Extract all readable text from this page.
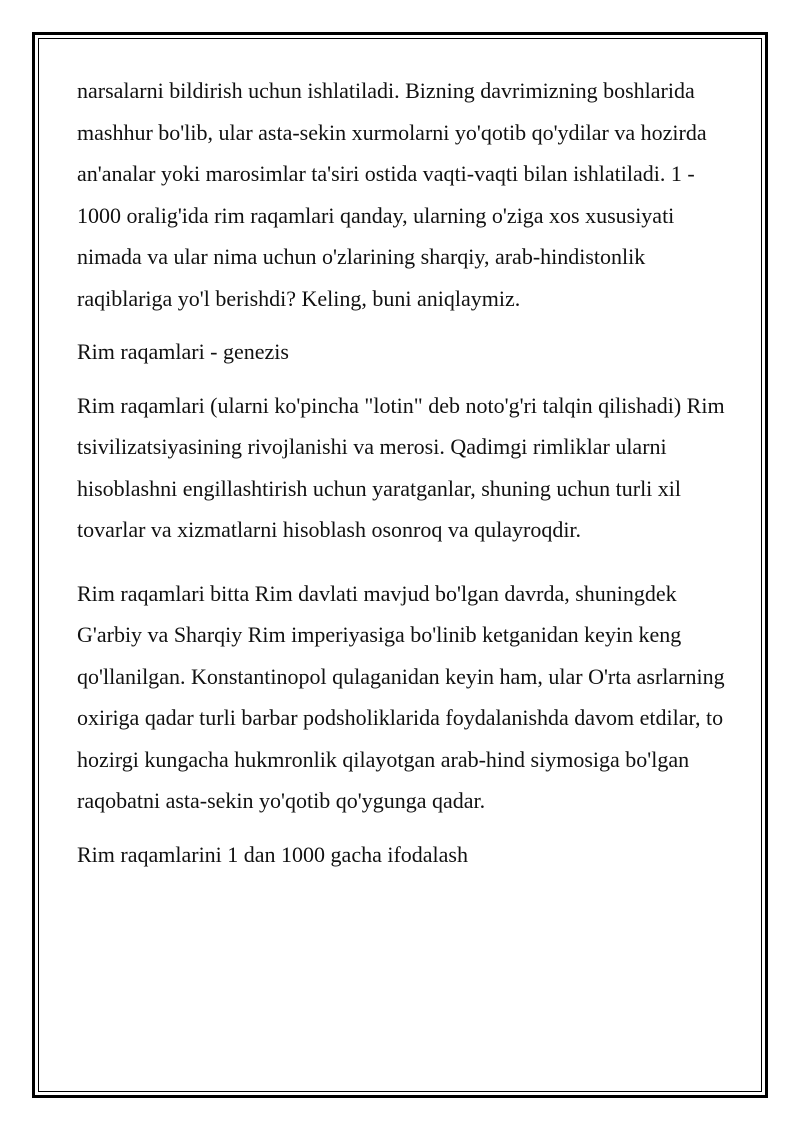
narsalarni bildirish uchun ishlatiladi. Bizning davrimizning boshlarida mashhur bo'lib, ular asta-sekin xurmolarni yo'qotib qo'ydilar va hozirda an'analar yoki marosimlar ta'siri ostida vaqti-vaqti bilan ishlatiladi. 1 - 1000 oralig'ida rim raqamlari qanday, ularning o'ziga xos xususiyati nimada va ular nima uchun o'zlarining sharqiy, arab-hindistonlik raqiblariga yo'l berishdi? Keling, buni aniqlaymiz.

Rim raqamlari - genezis

Rim raqamlari (ularni ko'pincha "lotin" deb noto'g'ri talqin qilishadi) Rim tsivilizatsiyasining rivojlanishi va merosi. Qadimgi rimliklar ularni hisoblashni engillashtirish uchun yaratganlar, shuning uchun turli xil tovarlar va xizmatlarni hisoblash osonroq va qulayroqdir.

Rim raqamlari bitta Rim davlati mavjud bo'lgan davrda, shuningdek G'arbiy va Sharqiy Rim imperiyasiga bo'linib ketganidan keyin keng qo'llanilgan. Konstantinopol qulaganidan keyin ham, ular O'rta asrlarning oxiriga qadar turli barbar podsholiklarida foydalanishda davom etdilar, to hozirgi kungacha hukmronlik qilayotgan arab-hind siymosiga bo'lgan raqobatni asta-sekin yo'qotib qo'ygunga qadar.

Rim raqamlarini 1 dan 1000 gacha ifodalash
